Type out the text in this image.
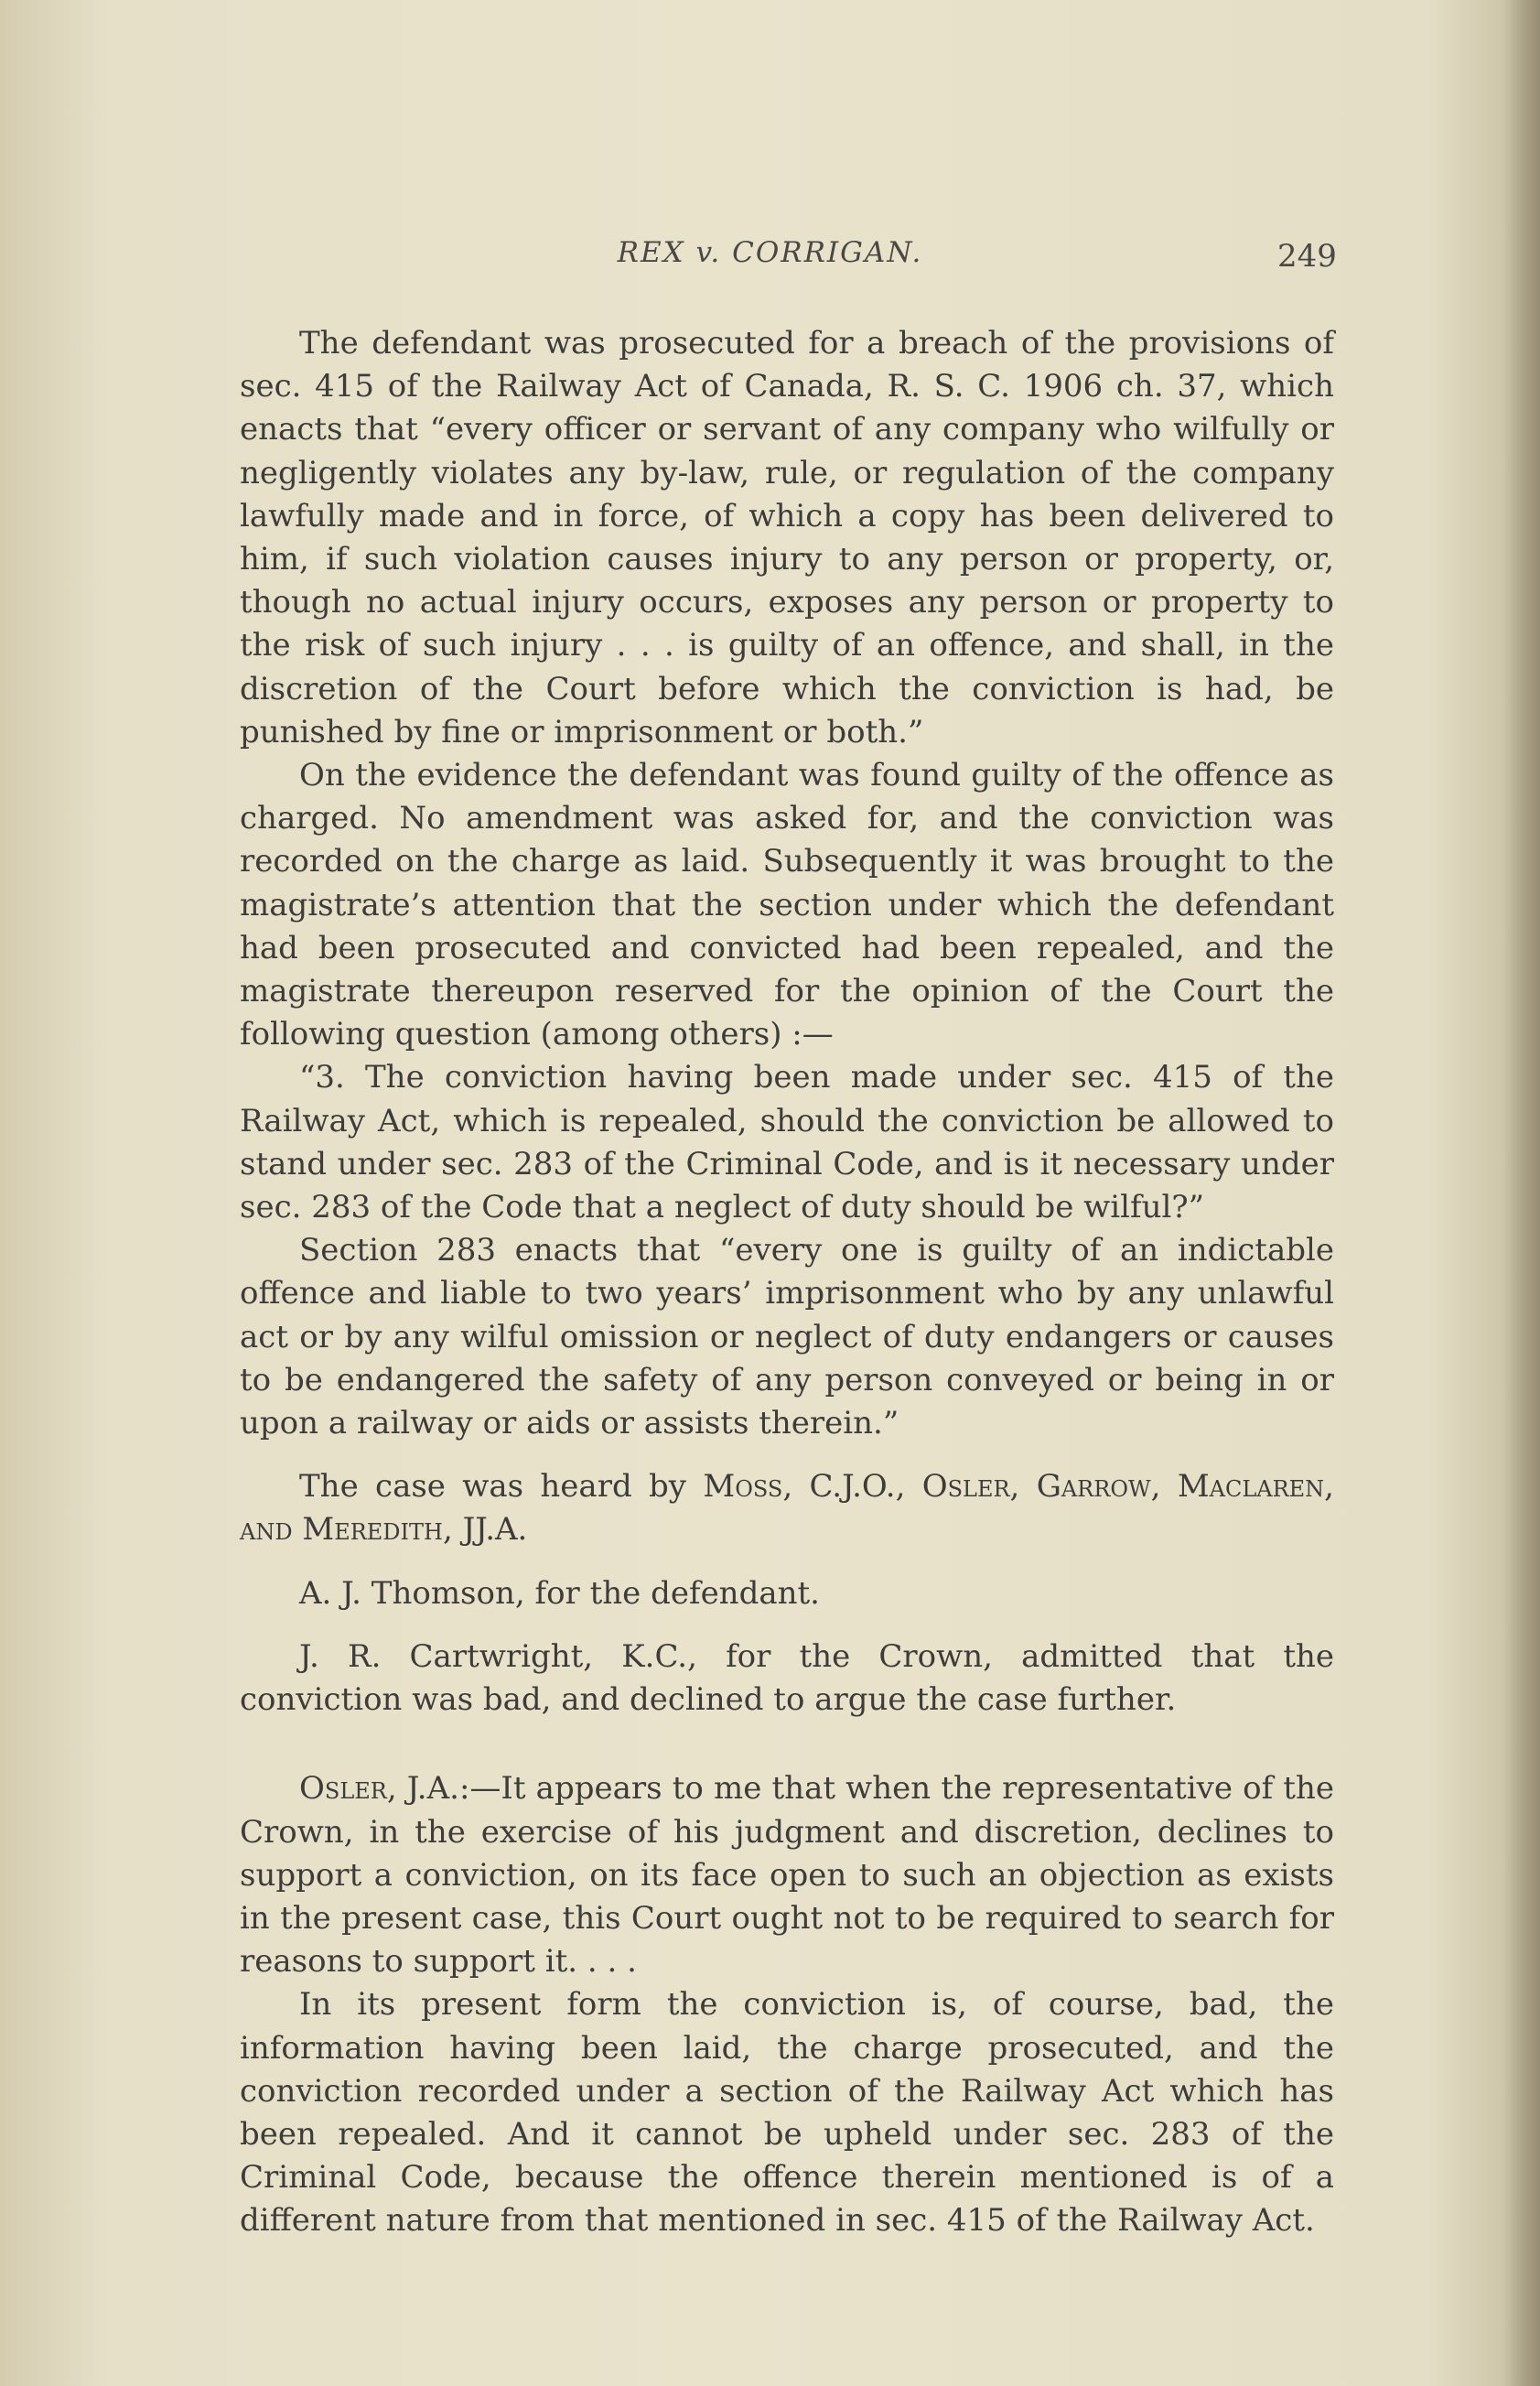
REX v. CORRIGAN.	249

The defendant was prosecuted for a breach of the provisions of sec. 415 of the Railway Act of Canada, R. S. C. 1906 ch. 37, which enacts that “every officer or servant of any company who wilfully or negligently violates any by-law, rule, or regulation of the company lawfully made and in force, of which a copy has been delivered to him, if such violation causes injury to any person or property, or, though no actual injury occurs, exposes any person or property to the risk of such injury . . . is guilty of an offence, and shall, in the discretion of the Court before which the conviction is had, be punished by fine or imprisonment or both.”

On the evidence the defendant was found guilty of the offence as charged. No amendment was asked for, and the conviction was recorded on the charge as laid. Subsequently it was brought to the magistrate’s attention that the section under which the defendant had been prosecuted and convicted had been repealed, and the magistrate thereupon reserved for the opinion of the Court the following question (among others) :—

“3. The conviction having been made under sec. 415 of the Railway Act, which is repealed, should the conviction be allowed to stand under sec. 283 of the Criminal Code, and is it necessary under sec. 283 of the Code that a neglect of duty should be wilful?”

Section 283 enacts that “every one is guilty of an indictable offence and liable to two years’ imprisonment who by any unlawful act or by any wilful omission or neglect of duty endangers or causes to be endangered the safety of any person conveyed or being in or upon a railway or aids or assists therein.”

The case was heard by Moss, C.J.O., Osler, Garrow, Maclaren, and Meredith, JJ.A.

A. J. Thomson, for the defendant.

J. R. Cartwright, K.C., for the Crown, admitted that the conviction was bad, and declined to argue the case further.

Osler, J.A.:—It appears to me that when the representative of the Crown, in the exercise of his judgment and discretion, declines to support a conviction, on its face open to such an objection as exists in the present case, this Court ought not to be required to search for reasons to support it. . . .

In its present form the conviction is, of course, bad, the information having been laid, the charge prosecuted, and the conviction recorded under a section of the Railway Act which has been repealed. And it cannot be upheld under sec. 283 of the Criminal Code, because the offence therein mentioned is of a different nature from that mentioned in sec. 415 of the Railway Act.
